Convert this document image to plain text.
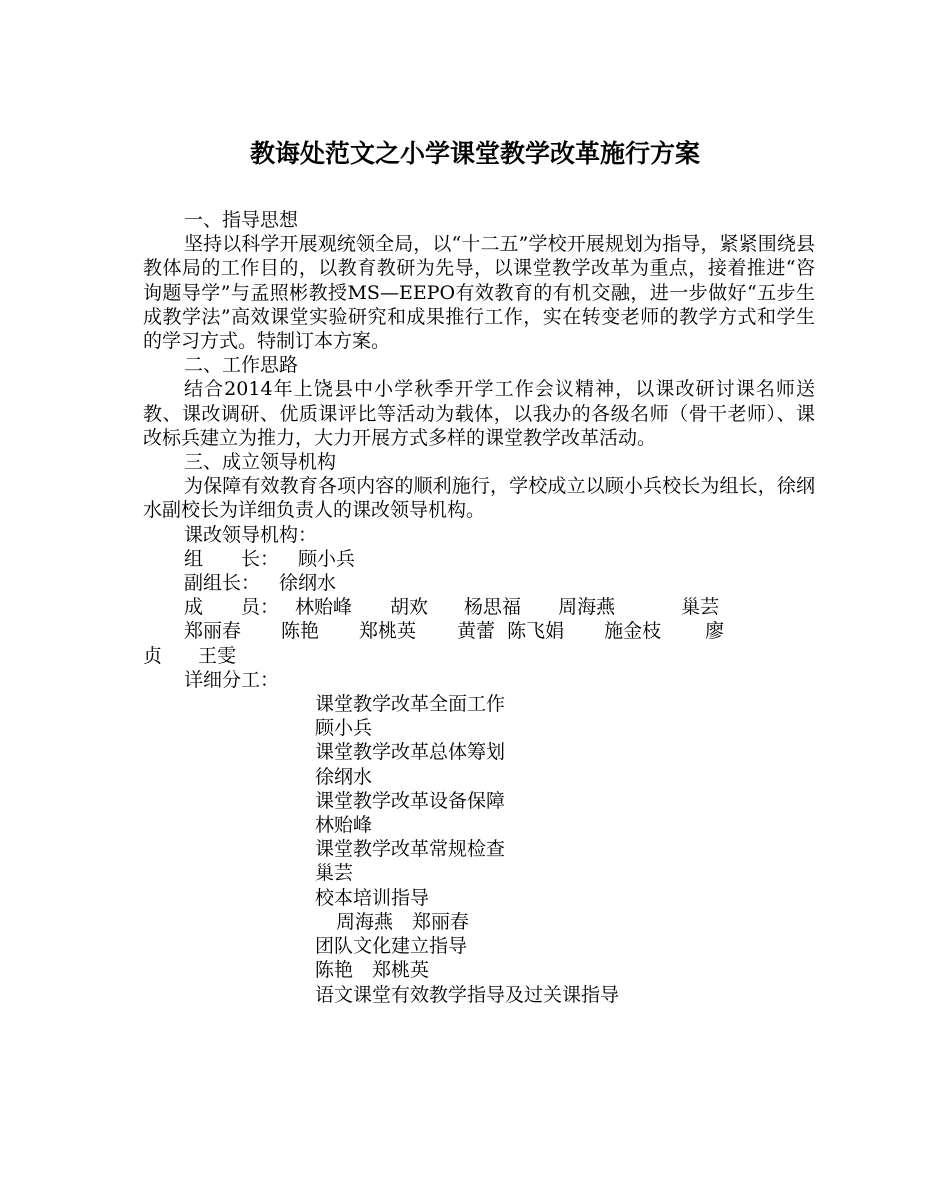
教诲处范文之小学课堂教学改革施行方案

一、指导思想

坚持以科学开展观统领全局，以“十二五”学校开展规划为指导，紧紧围绕县教体局的工作目的，以教育教研为先导，以课堂教学改革为重点，接着推进“咨询题导学”与孟照彬教授MS—EEPO有效教育的有机交融，进一步做好“五步生成教学法”高效课堂实验研究和成果推行工作，实在转变老师的教学方式和学生的学习方式。特制订本方案。

二、工作思路

结合2014年上饶县中小学秋季开学工作会议精神，以课改研讨课名师送教、课改调研、优质课评比等活动为载体，以我办的各级名师（骨干老师）、课改标兵建立为推力，大力开展方式多样的课堂教学改革活动。

三、成立领导机构

为保障有效教育各项内容的顺利施行，学校成立以顾小兵校长为组长，徐纲水副校长为详细负责人的课改领导机构。

课改领导机构：

组　　长： 顾小兵

副组长： 徐纲水

成　　员： 林贻峰 胡欢 杨思福 周海燕	巢芸

郑丽春 陈艳 郑桃英 黄蕾 陈飞娟 施金枝 廖

贞 王雯

详细分工：

课堂教学改革全面工作

顾小兵

课堂教学改革总体筹划

徐纲水

课堂教学改革设备保障

林贻峰

课堂教学改革常规检查

巢芸

校本培训指导

周海燕　郑丽春

团队文化建立指导

陈艳　郑桃英

语文课堂有效教学指导及过关课指导
